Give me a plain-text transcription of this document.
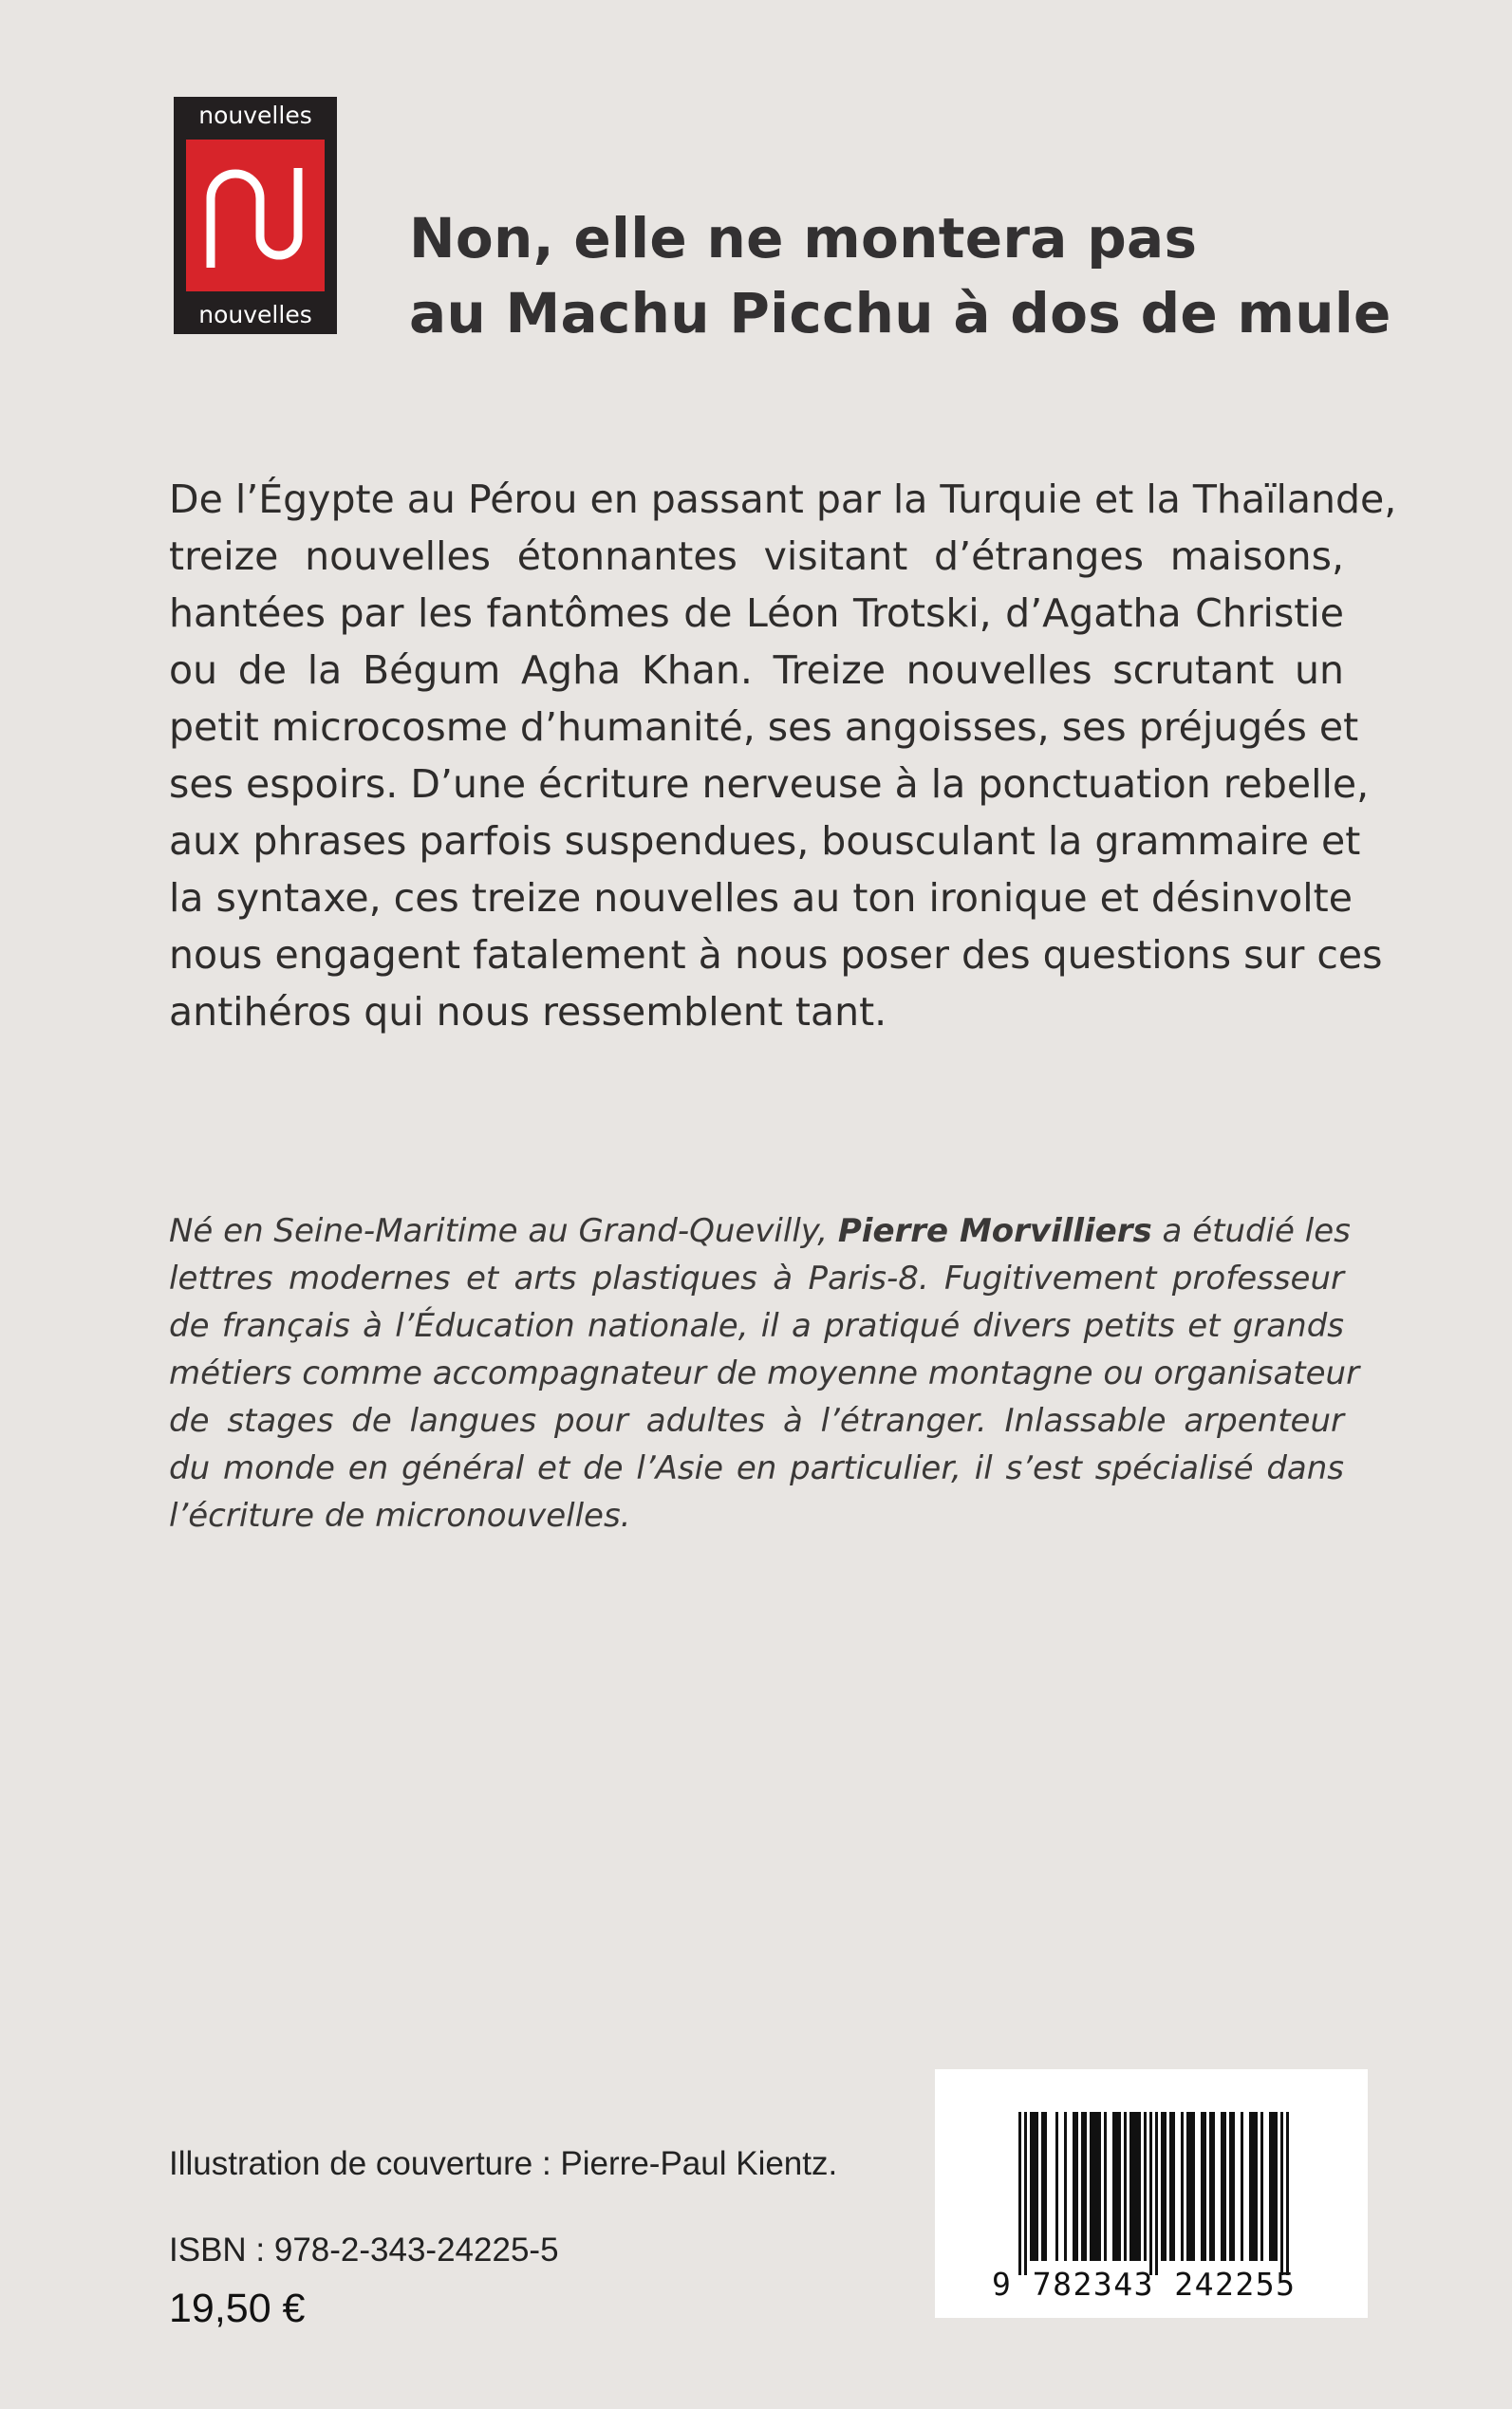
nouvelles
nouvelles
Non, elle ne montera pas
au Machu Picchu à dos de mule
De l’Égypte au Pérou en passant par la Turquie et la Thaïlande,
treize nouvelles étonnantes visitant d’étranges maisons,
hantées par les fantômes de Léon Trotski, d’Agatha Christie
ou de la Bégum Agha Khan. Treize nouvelles scrutant un
petit microcosme d’humanité, ses angoisses, ses préjugés et
ses espoirs. D’une écriture nerveuse à la ponctuation rebelle,
aux phrases parfois suspendues, bousculant la grammaire et
la syntaxe, ces treize nouvelles au ton ironique et désinvolte
nous engagent fatalement à nous poser des questions sur ces
antihéros qui nous ressemblent tant.
Né en Seine-Maritime au Grand-Quevilly, Pierre Morvilliers a étudié les
lettres modernes et arts plastiques à Paris-8. Fugitivement professeur
de français à l’Éducation nationale, il a pratiqué divers petits et grands
métiers comme accompagnateur de moyenne montagne ou organisateur
de stages de langues pour adultes à l’étranger. Inlassable arpenteur
du monde en général et de l’Asie en particulier, il s’est spécialisé dans
l’écriture de micronouvelles.
Illustration de couverture : Pierre-Paul Kientz.
ISBN : 978-2-343-24225-5
19,50 €
9 782343 242255
